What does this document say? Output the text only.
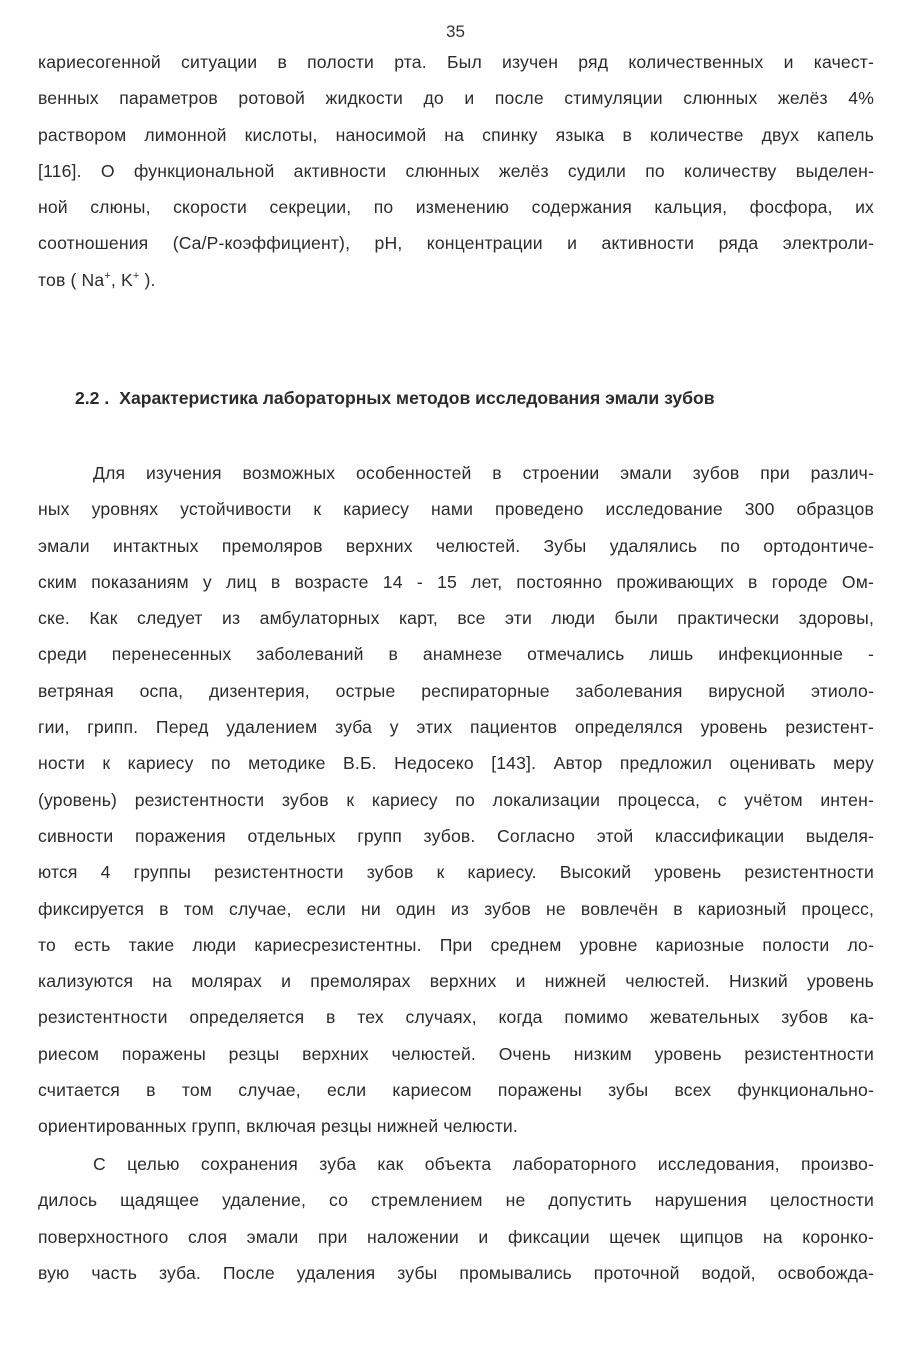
35
кариесогенной ситуации в полости рта. Был изучен ряд количественных и качест-
венных параметров ротовой жидкости до и после стимуляции слюнных желёз 4%
раствором лимонной кислоты, наносимой на спинку языка в количестве двух капель
[116]. О функциональной активности слюнных желёз судили по количеству выделен-
ной слюны, скорости секреции, по изменению содержания кальция, фосфора, их
соотношения (Ca/P-коэффициент), pH, концентрации и активности ряда электроли-
тов ( Na+, K+ ).
2.2 . Характеристика лабораторных методов исследования эмали зубов
Для изучения возможных особенностей в строении эмали зубов при различ-
ных уровнях устойчивости к кариесу нами проведено исследование 300 образцов
эмали интактных премоляров верхних челюстей. Зубы удалялись по ортодонтиче-
ским показаниям у лиц в возрасте 14 - 15 лет, постоянно проживающих в городе Ом-
ске. Как следует из амбулаторных карт, все эти люди были практически здоровы,
среди перенесенных заболеваний в анамнезе отмечались лишь инфекционные -
ветряная оспа, дизентерия, острые респираторные заболевания вирусной этиоло-
гии, грипп. Перед удалением зуба у этих пациентов определялся уровень резистент-
ности к кариесу по методике В.Б. Недосеко [143]. Автор предложил оценивать меру
(уровень) резистентности зубов к кариесу по локализации процесса, с учётом интен-
сивности поражения отдельных групп зубов. Согласно этой классификации выделя-
ются 4 группы резистентности зубов к кариесу. Высокий уровень резистентности
фиксируется в том случае, если ни один из зубов не вовлечён в кариозный процесс,
то есть такие люди кариесрезистентны. При среднем уровне кариозные полости ло-
кализуются на молярах и премолярах верхних и нижней челюстей. Низкий уровень
резистентности определяется в тех случаях, когда помимо жевательных зубов ка-
риесом поражены резцы верхних челюстей. Очень низким уровень резистентности
считается в том случае, если кариесом поражены зубы всех функционально-
ориентированных групп, включая резцы нижней челюсти.
С целью сохранения зуба как объекта лабораторного исследования, произво-
дилось щадящее удаление, со стремлением не допустить нарушения целостности
поверхностного слоя эмали при наложении и фиксации щечек щипцов на коронко-
вую часть зуба. После удаления зубы промывались проточной водой, освобожда-
